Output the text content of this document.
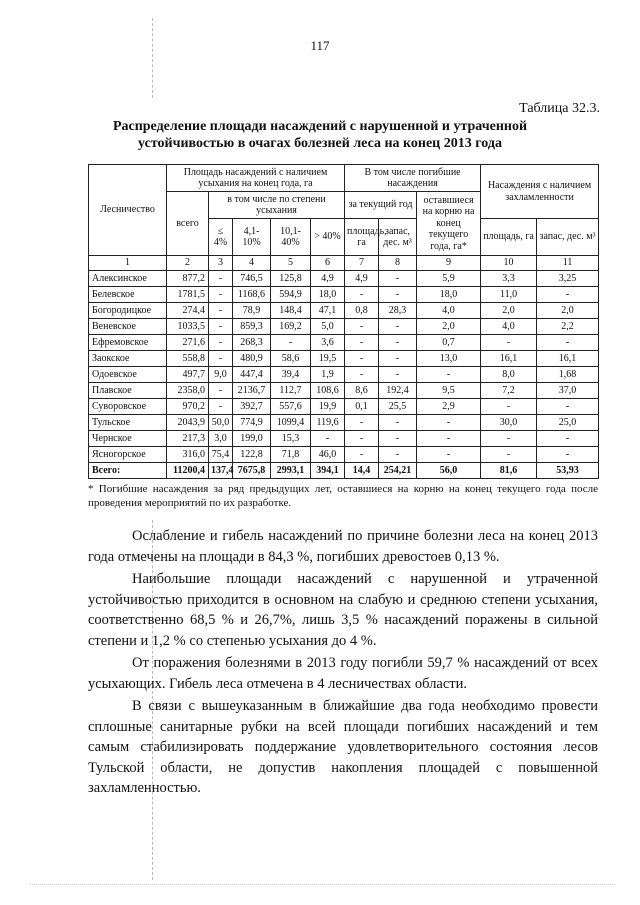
117
Таблица 32.3.
Распределение площади насаждений с нарушенной и утраченной
устойчивостью в очагах болезней леса на конец 2013 года
Лесничество	Площадь насаждений с наличием усыхания на конец года, га					В том числе погибшие насаждения			Насаждения с наличием захламленности	
	всего	в том числе по степени усыхания				за текущий год		оставшиеся на корню на конец текущего года, га*		
		≤ 4%	4,1-10%	10,1-40%	> 40%	площадь, га	запас, дес. м³		площадь, га	запас, дес. м³
1	2	3	4	5	6	7	8	9	10	11
Алексинское	877,2	-	746,5	125,8	4,9	4,9	-	5,9	3,3	3,25
Белевское	1781,5	-	1168,6	594,9	18,0	-	-	18,0	11,0	-
Богородицкое	274,4	-	78,9	148,4	47,1	0,8	28,3	4,0	2,0	2,0
Веневское	1033,5	-	859,3	169,2	5,0	-	-	2,0	4,0	2,2
Ефремовское	271,6	-	268,3	-	3,6	-	-	0,7	-	-
Заокское	558,8	-	480,9	58,6	19,5	-	-	13,0	16,1	16,1
Одоевское	497,7	9,0	447,4	39,4	1,9	-	-	-	8,0	1,68
Плавское	2358,0	-	2136,7	112,7	108,6	8,6	192,4	9,5	7,2	37,0
Суворовское	970,2	-	392,7	557,6	19,9	0,1	25,5	2,9	-	-
Тульское	2043,9	50,0	774,9	1099,4	119,6	-	-	-	30,0	25,0
Чернское	217,3	3,0	199,0	15,3	-	-	-	-	-	-
Ясногорское	316,0	75,4	122,8	71,8	46,0	-	-	-	-	-
Всего:	11200,4	137,4	7675,8	2993,1	394,1	14,4	254,21	56,0	81,6	53,93
* Погибшие насаждения за ряд предыдущих лет, оставшиеся на корню на конец текущего года после проведения мероприятий по их разработке.

Ослабление и гибель насаждений по причине болезни леса на конец 2013 года отмечены на площади в 84,3 %, погибших древостоев 0,13 %.

Наибольшие площади насаждений с нарушенной и утраченной устойчивостью приходится в основном на слабую и среднюю степени усыхания, соответственно 68,5 % и 26,7%, лишь 3,5 % насаждений поражены в сильной степени и 1,2 % со степенью усыхания до 4 %.

От поражения болезнями в 2013 году погибли 59,7 % насаждений от всех усыхающих. Гибель леса отмечена в 4 лесничествах области.

В связи с вышеуказанным в ближайшие два года необходимо провести сплошные санитарные рубки на всей площади погибших насаждений и тем самым стабилизировать поддержание удовлетворительного состояния лесов Тульской области, не допустив накопления площадей с повышенной захламленностью.
